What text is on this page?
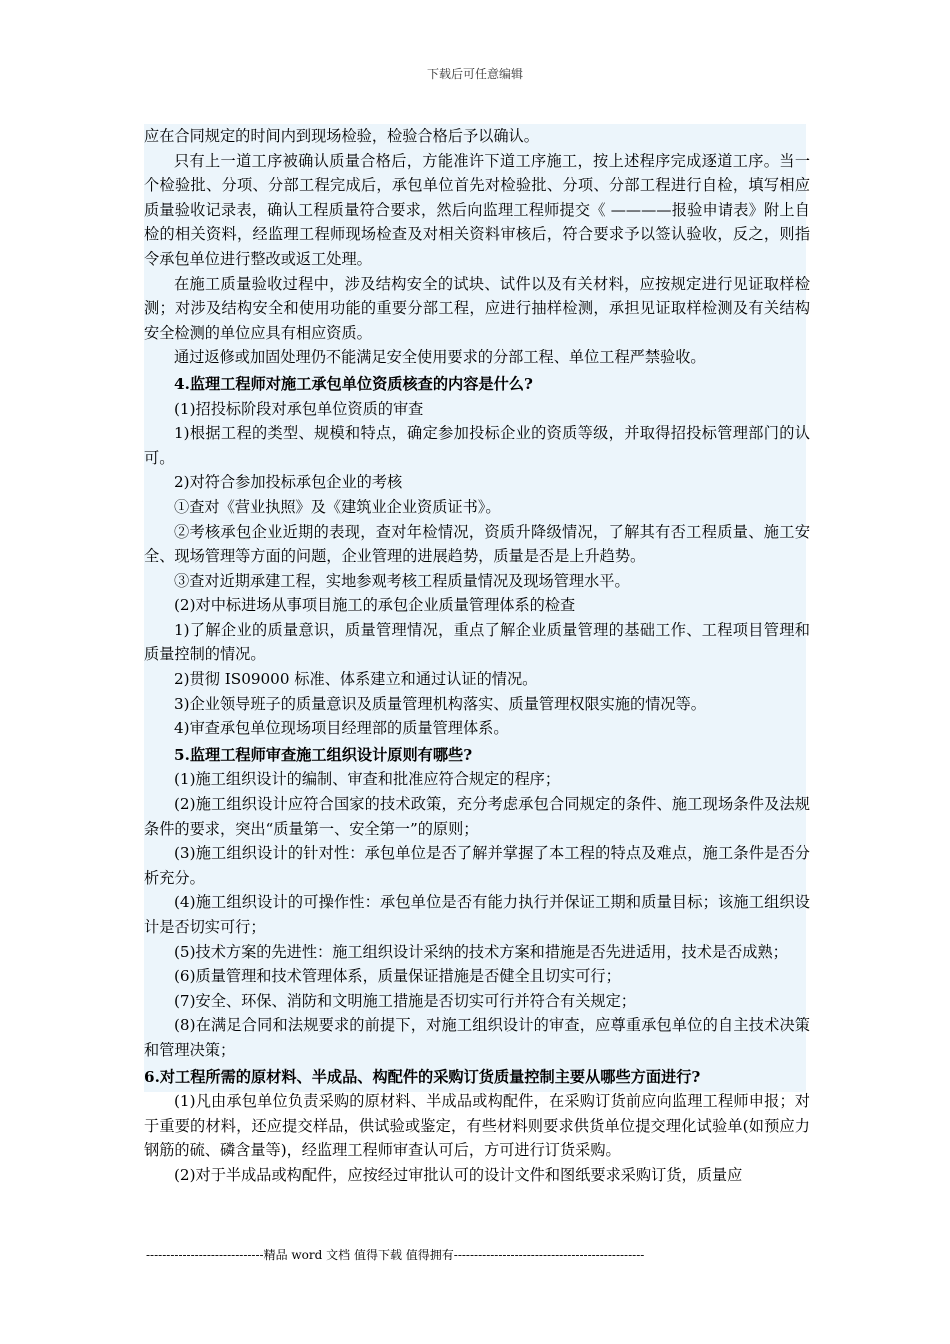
下载后可任意编辑

应在合同规定的时间内到现场检验，检验合格后予以确认。

只有上一道工序被确认质量合格后，方能准许下道工序施工，按上述程序完成逐道工序。当一个检验批、分项、分部工程完成后，承包单位首先对检验批、分项、分部工程进行自检，填写相应质量验收记录表，确认工程质量符合要求，然后向监理工程师提交《 ————报验申请表》附上自检的相关资料，经监理工程师现场检查及对相关资料审核后，符合要求予以签认验收，反之，则指令承包单位进行整改或返工处理。

在施工质量验收过程中，涉及结构安全的试块、试件以及有关材料，应按规定进行见证取样检测；对涉及结构安全和使用功能的重要分部工程，应进行抽样检测，承担见证取样检测及有关结构安全检测的单位应具有相应资质。

通过返修或加固处理仍不能满足安全使用要求的分部工程、单位工程严禁验收。

4.监理工程师对施工承包单位资质核查的内容是什么?

(1)招投标阶段对承包单位资质的审查

1)根据工程的类型、规模和特点，确定参加投标企业的资质等级，并取得招投标管理部门的认可。

2)对符合参加投标承包企业的考核

①查对《营业执照》及《建筑业企业资质证书》。

②考核承包企业近期的表现，查对年检情况，资质升降级情况，了解其有否工程质量、施工安全、现场管理等方面的问题，企业管理的进展趋势，质量是否是上升趋势。

③查对近期承建工程，实地参观考核工程质量情况及现场管理水平。

(2)对中标进场从事项目施工的承包企业质量管理体系的检查

1)了解企业的质量意识，质量管理情况，重点了解企业质量管理的基础工作、工程项目管理和质量控制的情况。

2)贯彻 IS09000 标准、体系建立和通过认证的情况。

3)企业领导班子的质量意识及质量管理机构落实、质量管理权限实施的情况等。

4)审查承包单位现场项目经理部的质量管理体系。

5.监理工程师审查施工组织设计原则有哪些?

(1)施工组织设计的编制、审查和批准应符合规定的程序；

(2)施工组织设计应符合国家的技术政策，充分考虑承包合同规定的条件、施工现场条件及法规条件的要求，突出“质量第一、安全第一”的原则；

(3)施工组织设计的针对性：承包单位是否了解并掌握了本工程的特点及难点，施工条件是否分析充分。

(4)施工组织设计的可操作性：承包单位是否有能力执行并保证工期和质量目标；该施工组织设计是否切实可行；

(5)技术方案的先进性：施工组织设计采纳的技术方案和措施是否先进适用，技术是否成熟；

(6)质量管理和技术管理体系，质量保证措施是否健全且切实可行；

(7)安全、环保、消防和文明施工措施是否切实可行并符合有关规定；

(8)在满足合同和法规要求的前提下，对施工组织设计的审查，应尊重承包单位的自主技术决策和管理决策；

6.对工程所需的原材料、半成品、构配件的采购订货质量控制主要从哪些方面进行?

(1)凡由承包单位负责采购的原材料、半成品或构配件，在采购订货前应向监理工程师申报；对于重要的材料，还应提交样品，供试验或鉴定，有些材料则要求供货单位提交理化试验单(如预应力钢筋的硫、磷含量等)，经监理工程师审查认可后，方可进行订货采购。

(2)对于半成品或构配件，应按经过审批认可的设计文件和图纸要求采购订货，质量应

-----------------------------精品 word 文档 值得下载 值得拥有-----------------------------------------------
